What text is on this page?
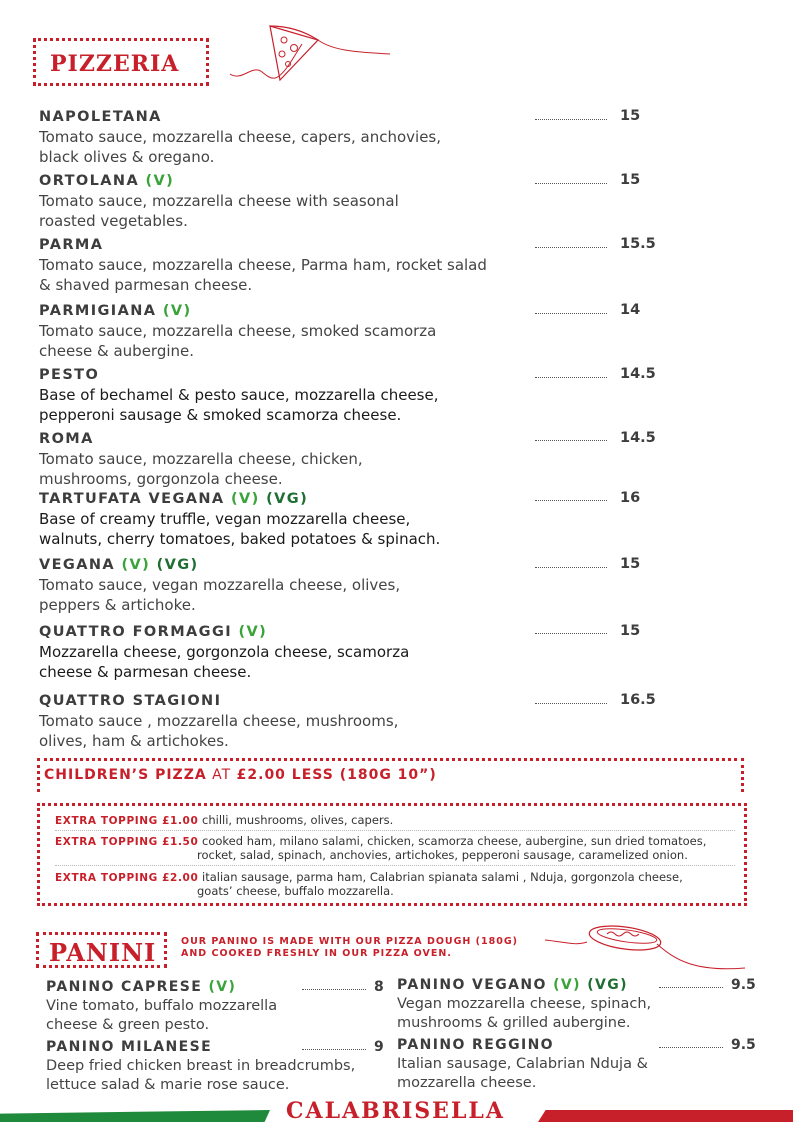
PIZZERIA
NAPOLETANA
Tomato sauce, mozzarella cheese, capers, anchovies,
black olives & oregano.
15
ORTOLANA (V)
Tomato sauce, mozzarella cheese with seasonal
roasted vegetables.
15
PARMA
Tomato sauce, mozzarella cheese, Parma ham, rocket salad
& shaved parmesan cheese.
15.5
PARMIGIANA (V)
Tomato sauce, mozzarella cheese, smoked scamorza
cheese & aubergine.
14
PESTO
Base of bechamel & pesto sauce, mozzarella cheese,
pepperoni sausage & smoked scamorza cheese.
14.5
ROMA
Tomato sauce, mozzarella cheese, chicken,
mushrooms, gorgonzola cheese.
14.5
TARTUFATA VEGANA (V) (VG)
Base of creamy truffle, vegan mozzarella cheese,
walnuts, cherry tomatoes, baked potatoes & spinach.
16
VEGANA (V) (VG)
Tomato sauce, vegan mozzarella cheese, olives,
peppers & artichoke.
15
QUATTRO FORMAGGI (V)
Mozzarella cheese, gorgonzola cheese, scamorza
cheese & parmesan cheese.
15
QUATTRO STAGIONI
Tomato sauce , mozzarella cheese, mushrooms,
olives, ham & artichokes.
16.5
CHILDREN’S PIZZA AT £2.00 LESS (180G 10”)
EXTRA TOPPING £1.00 chilli, mushrooms, olives, capers.
EXTRA TOPPING £1.50 cooked ham, milano salami, chicken, scamorza cheese, aubergine, sun dried tomatoes,
rocket, salad, spinach, anchovies, artichokes, pepperoni sausage, caramelized onion.
EXTRA TOPPING £2.00 italian sausage, parma ham, Calabrian spianata salami , Nduja, gorgonzola cheese,
goats’ cheese, buffalo mozzarella.
PANINI	OUR PANINO IS MADE WITH OUR PIZZA DOUGH (180G)
AND COOKED FRESHLY IN OUR PIZZA OVEN.
PANINO CAPRESE (V)
Vine tomato, buffalo mozzarella
cheese & green pesto.
8
PANINO MILANESE
Deep fried chicken breast in breadcrumbs,
lettuce salad & marie rose sauce.
9
PANINO VEGANO (V) (VG)
Vegan mozzarella cheese, spinach,
mushrooms & grilled aubergine.
9.5
PANINO REGGINO
Italian sausage, Calabrian Nduja &
mozzarella cheese.
9.5
CALABRISELLA
